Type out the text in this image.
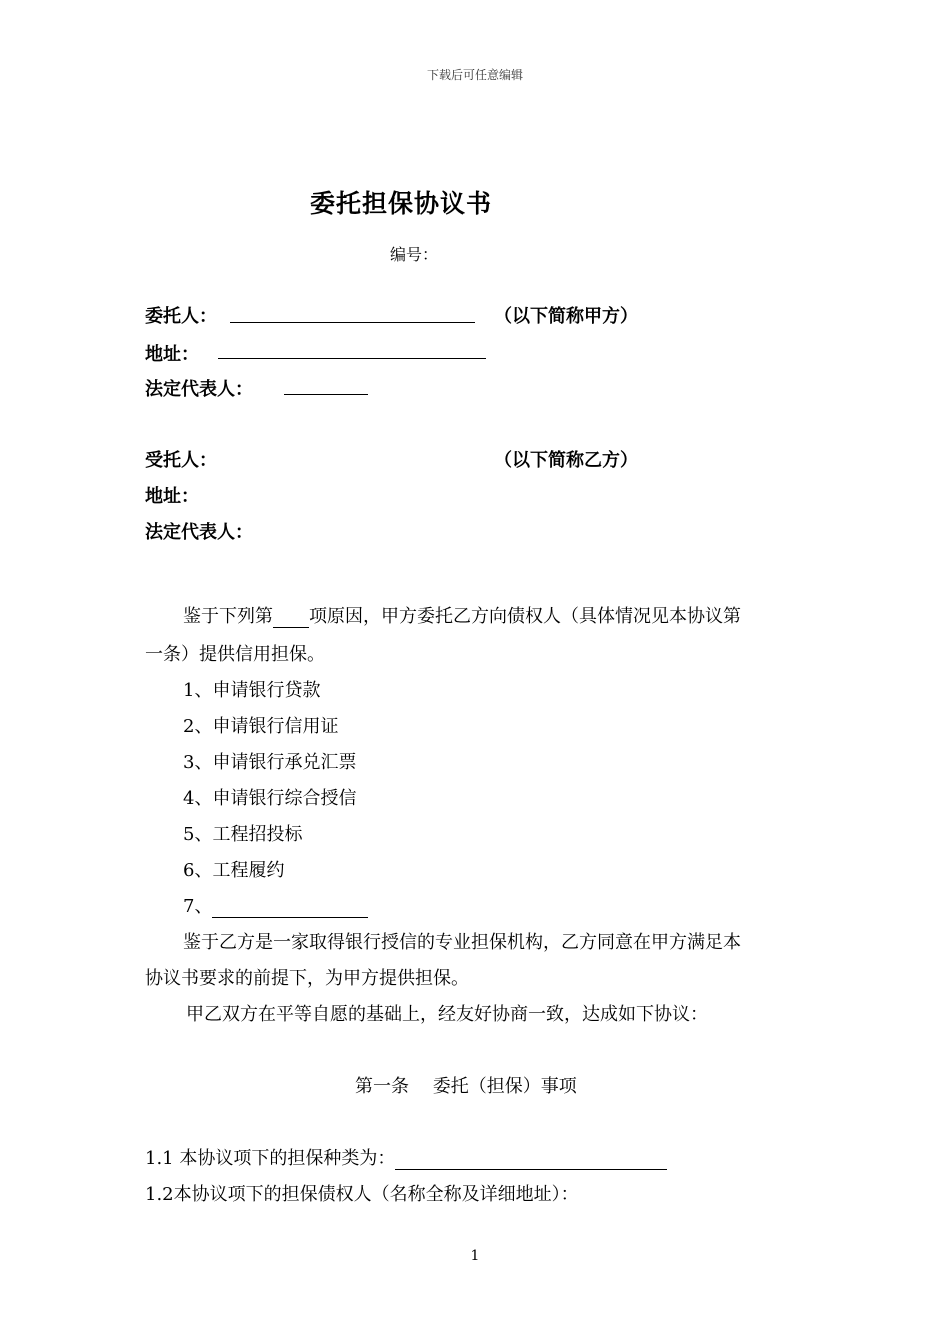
下载后可任意编辑
委托担保协议书
编号：
委托人：	（以下简称甲方）
地址：
法定代表人：
受托人：	（以下简称乙方）
地址：
法定代表人：
鉴于下列第 项原因，甲方委托乙方向债权人（具体情况见本协议第
一条）提供信用担保。
1、申请银行贷款
2、申请银行信用证
3、申请银行承兑汇票
4、申请银行综合授信
5、工程招投标
6、工程履约
7、
鉴于乙方是一家取得银行授信的专业担保机构，乙方同意在甲方满足本
协议书要求的前提下，为甲方提供担保。
甲乙双方在平等自愿的基础上，经友好协商一致，达成如下协议：
第一条　 委托（担保）事项
1.1 本协议项下的担保种类为：
1.2本协议项下的担保债权人（名称全称及详细地址）：
1
